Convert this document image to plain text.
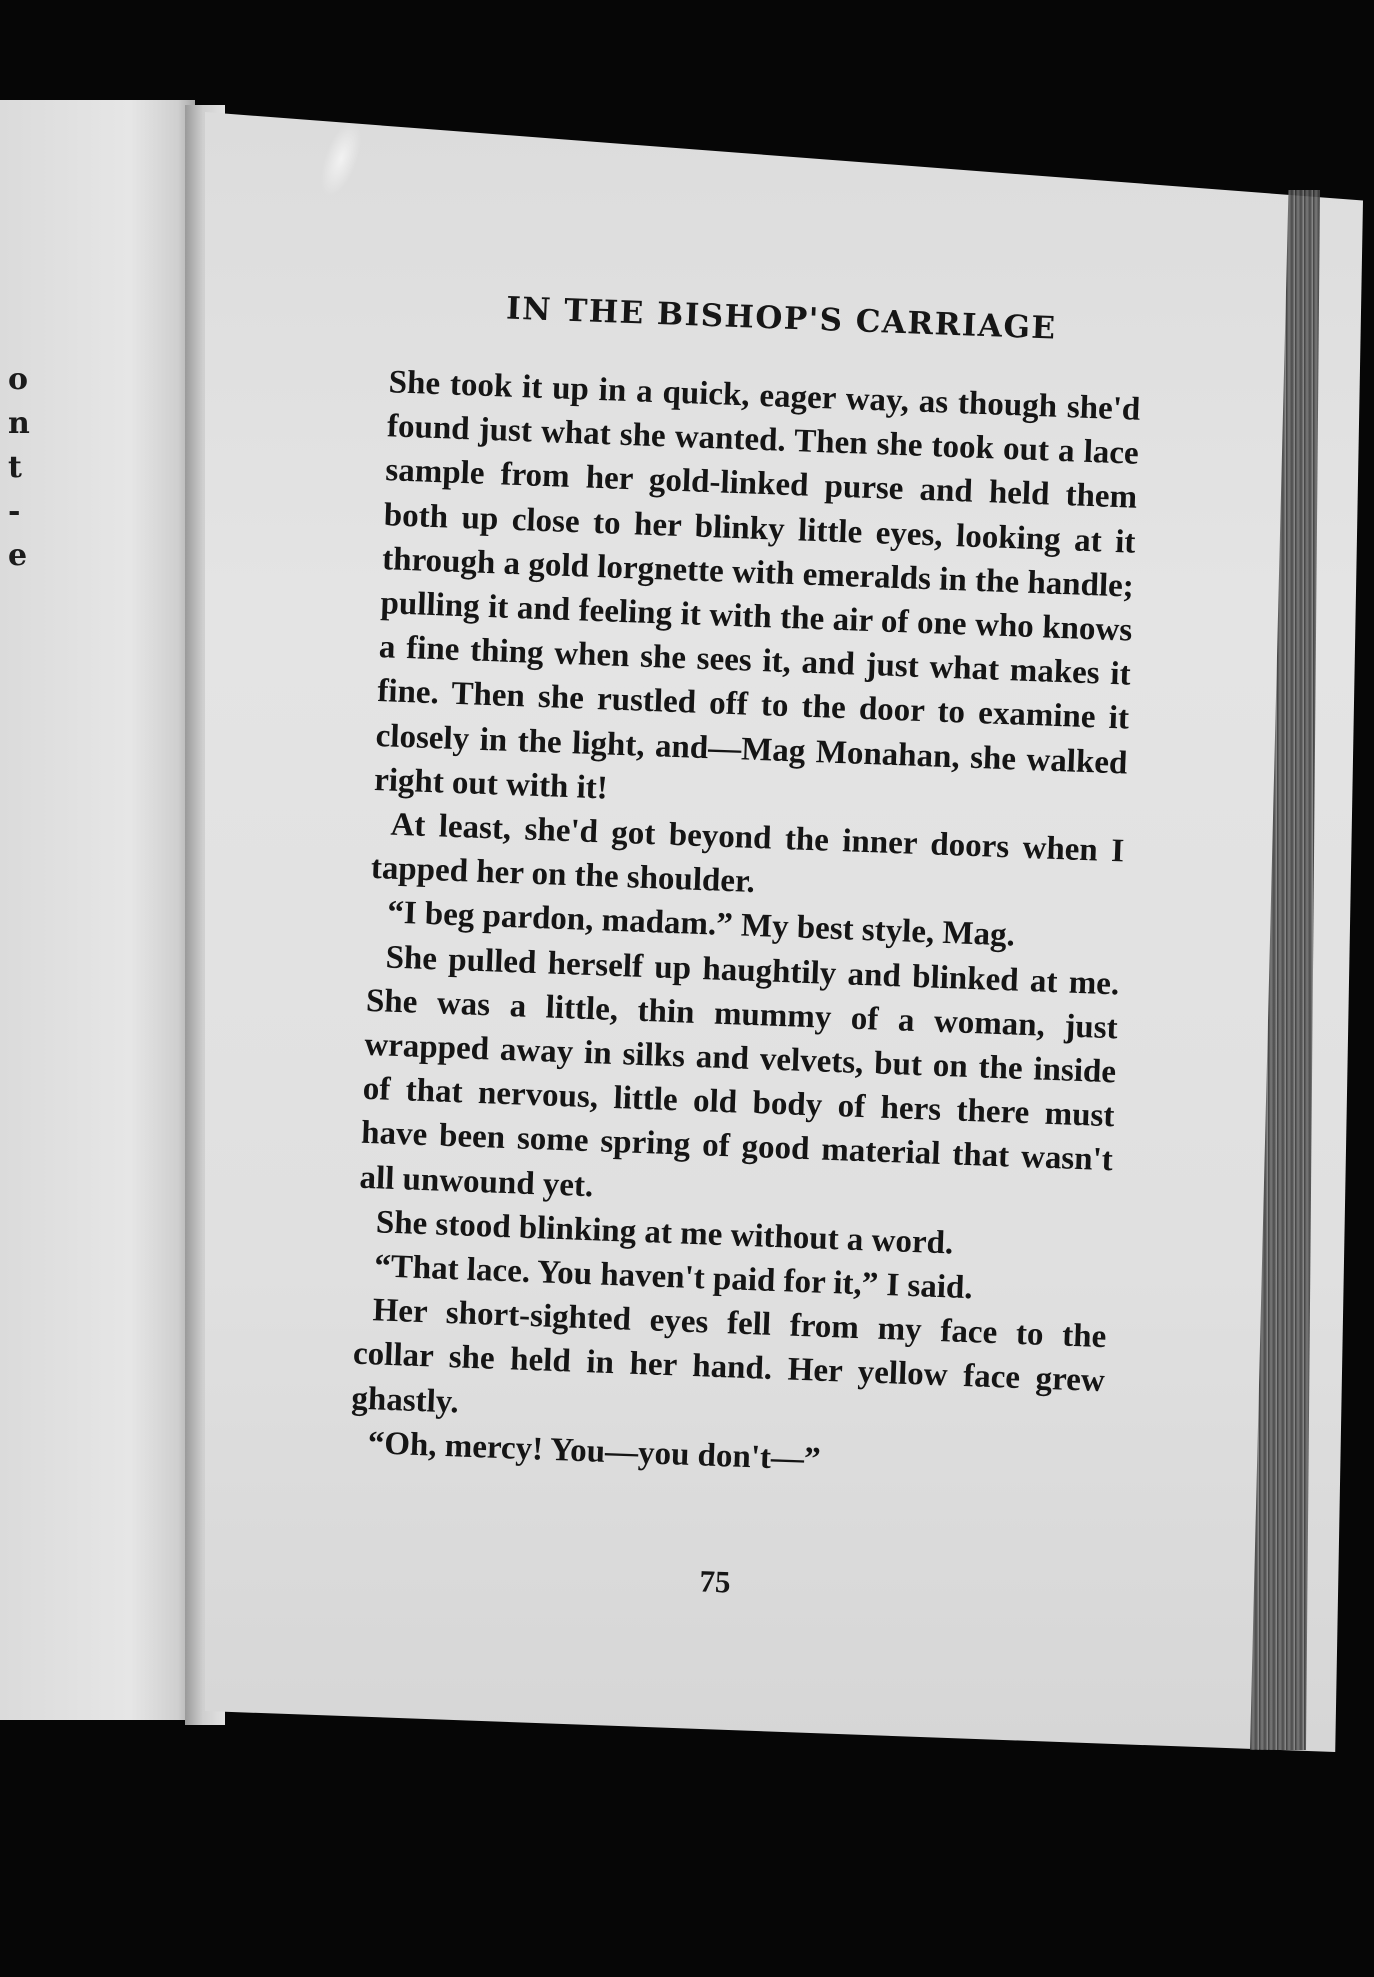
o
n
t
-
e
IN THE BISHOP'S CARRIAGE

She took it up in a quick, eager way, as though she'd found just what she wanted. Then she took out a lace sample from her gold-linked purse and held them both up close to her blinky little eyes, looking at it through a gold lorgnette with emeralds in the handle; pulling it and feeling it with the air of one who knows a fine thing when she sees it, and just what makes it fine. Then she rustled off to the door to examine it closely in the light, and—Mag Monahan, she walked right out with it!

At least, she'd got beyond the inner doors when I tapped her on the shoulder.

“I beg pardon, madam.” My best style, Mag.

She pulled herself up haughtily and blinked at me. She was a little, thin mummy of a woman, just wrapped away in silks and velvets, but on the inside of that nervous, little old body of hers there must have been some spring of good material that wasn't all unwound yet.

She stood blinking at me without a word.

“That lace. You haven't paid for it,” I said.

Her short-sighted eyes fell from my face to the collar she held in her hand. Her yellow face grew ghastly.

“Oh, mercy! You—you don't—”

75
